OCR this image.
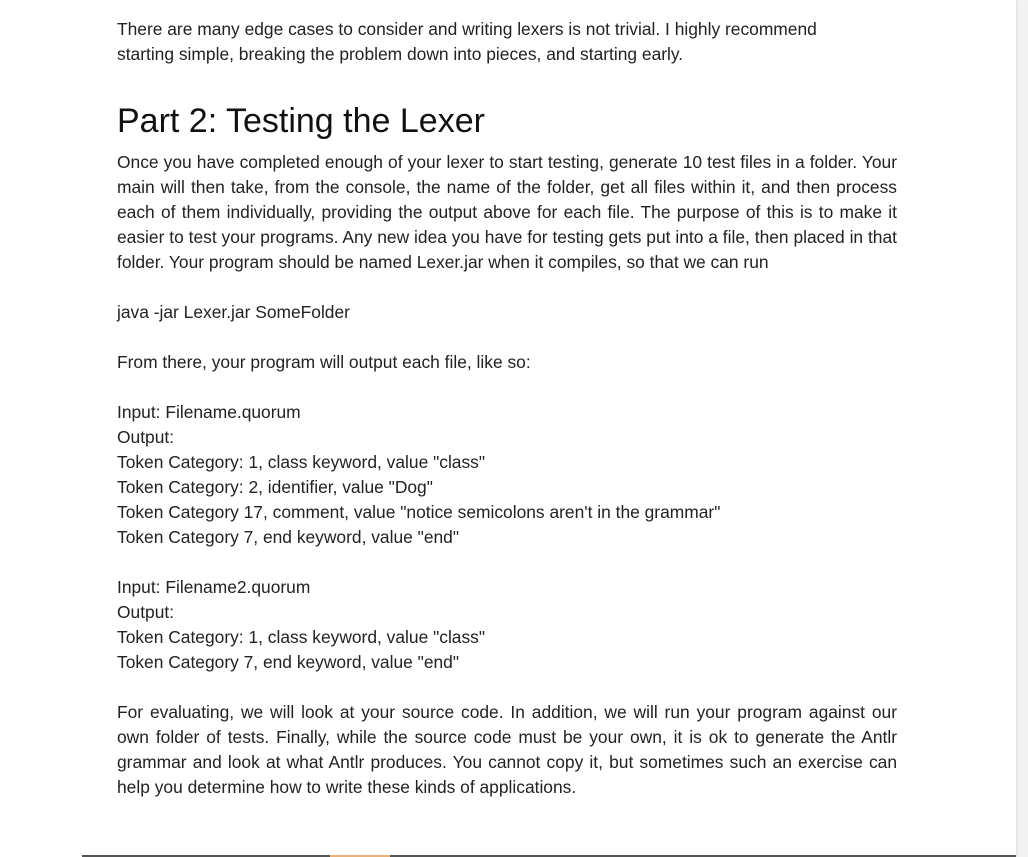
There are many edge cases to consider and writing lexers is not trivial. I highly recommend

starting simple, breaking the problem down into pieces, and starting early.

Part 2: Testing the Lexer

Once you have completed enough of your lexer to start testing, generate 10 test files in a folder. Your main will then take, from the console, the name of the folder, get all files within it, and then process each of them individually, providing the output above for each file. The purpose of this is to make it easier to test your programs. Any new idea you have for testing gets put into a file, then placed in that folder. Your program should be named Lexer.jar when it compiles, so that we can run

java -jar Lexer.jar SomeFolder

From there, your program will output each file, like so:

Input: Filename.quorum

Output:

Token Category: 1, class keyword, value "class"

Token Category: 2, identifier, value "Dog"

Token Category 17, comment, value "notice semicolons aren't in the grammar"

Token Category 7, end keyword, value "end"

Input: Filename2.quorum

Output:

Token Category: 1, class keyword, value "class"

Token Category 7, end keyword, value "end"

For evaluating, we will look at your source code. In addition, we will run your program against our own folder of tests. Finally, while the source code must be your own, it is ok to generate the Antlr grammar and look at what Antlr produces. You cannot copy it, but sometimes such an exercise can help you determine how to write these kinds of applications.
